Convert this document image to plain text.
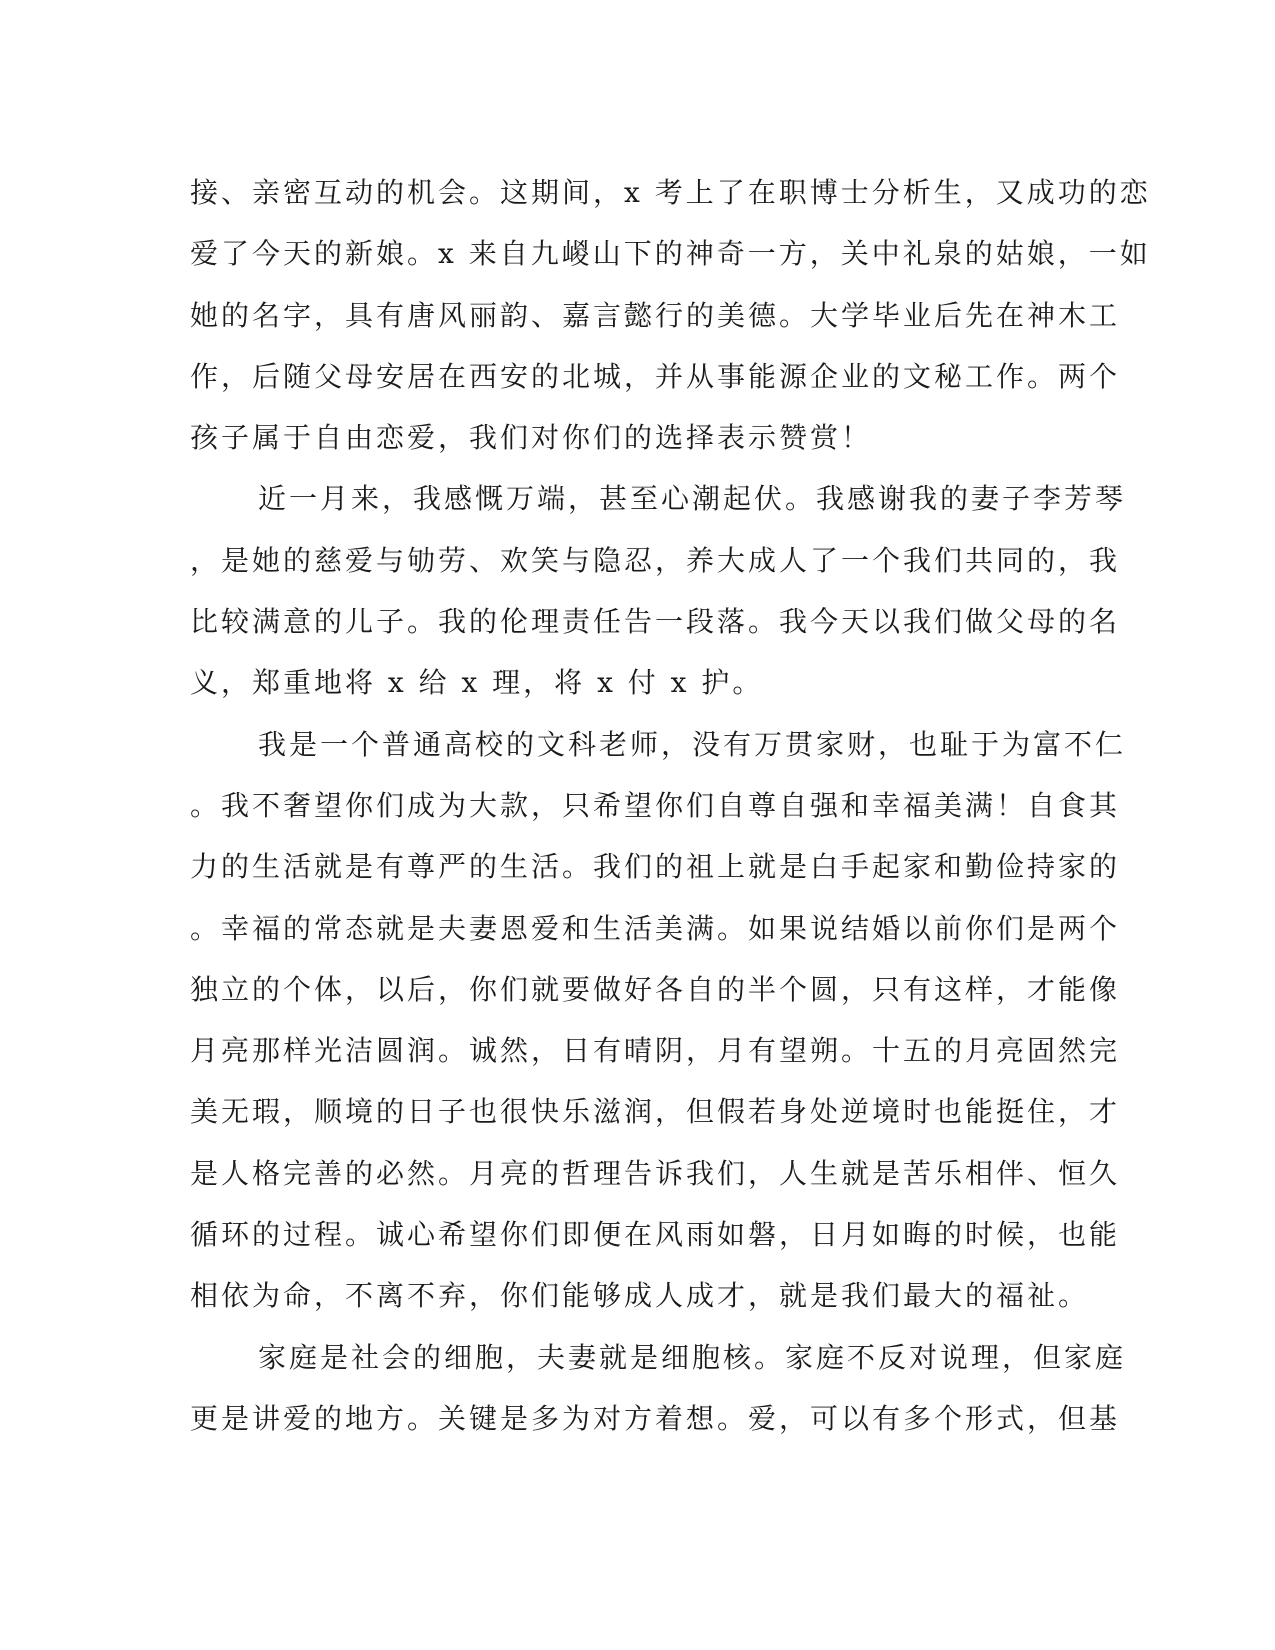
接、亲密互动的机会。这期间，x 考上了在职博士分析生，又成功的恋
爱了今天的新娘。x 来自九嵕山下的神奇一方，关中礼泉的姑娘，一如
她的名字，具有唐风丽韵、嘉言懿行的美德。大学毕业后先在神木工
作，后随父母安居在西安的北城，并从事能源企业的文秘工作。两个
孩子属于自由恋爱，我们对你们的选择表示赞赏！
近一月来，我感慨万端，甚至心潮起伏。我感谢我的妻子李芳琴
，是她的慈爱与劬劳、欢笑与隐忍，养大成人了一个我们共同的，我
比较满意的儿子。我的伦理责任告一段落。我今天以我们做父母的名
义，郑重地将 x 给 x 理，将 x 付 x 护。
我是一个普通高校的文科老师，没有万贯家财，也耻于为富不仁
。我不奢望你们成为大款，只希望你们自尊自强和幸福美满！自食其
力的生活就是有尊严的生活。我们的祖上就是白手起家和勤俭持家的
。幸福的常态就是夫妻恩爱和生活美满。如果说结婚以前你们是两个
独立的个体，以后，你们就要做好各自的半个圆，只有这样，才能像
月亮那样光洁圆润。诚然，日有晴阴，月有望朔。十五的月亮固然完
美无瑕，顺境的日子也很快乐滋润，但假若身处逆境时也能挺住，才
是人格完善的必然。月亮的哲理告诉我们，人生就是苦乐相伴、恒久
循环的过程。诚心希望你们即便在风雨如磐，日月如晦的时候，也能
相依为命，不离不弃，你们能够成人成才，就是我们最大的福祉。
家庭是社会的细胞，夫妻就是细胞核。家庭不反对说理，但家庭
更是讲爱的地方。关键是多为对方着想。爱，可以有多个形式，但基
